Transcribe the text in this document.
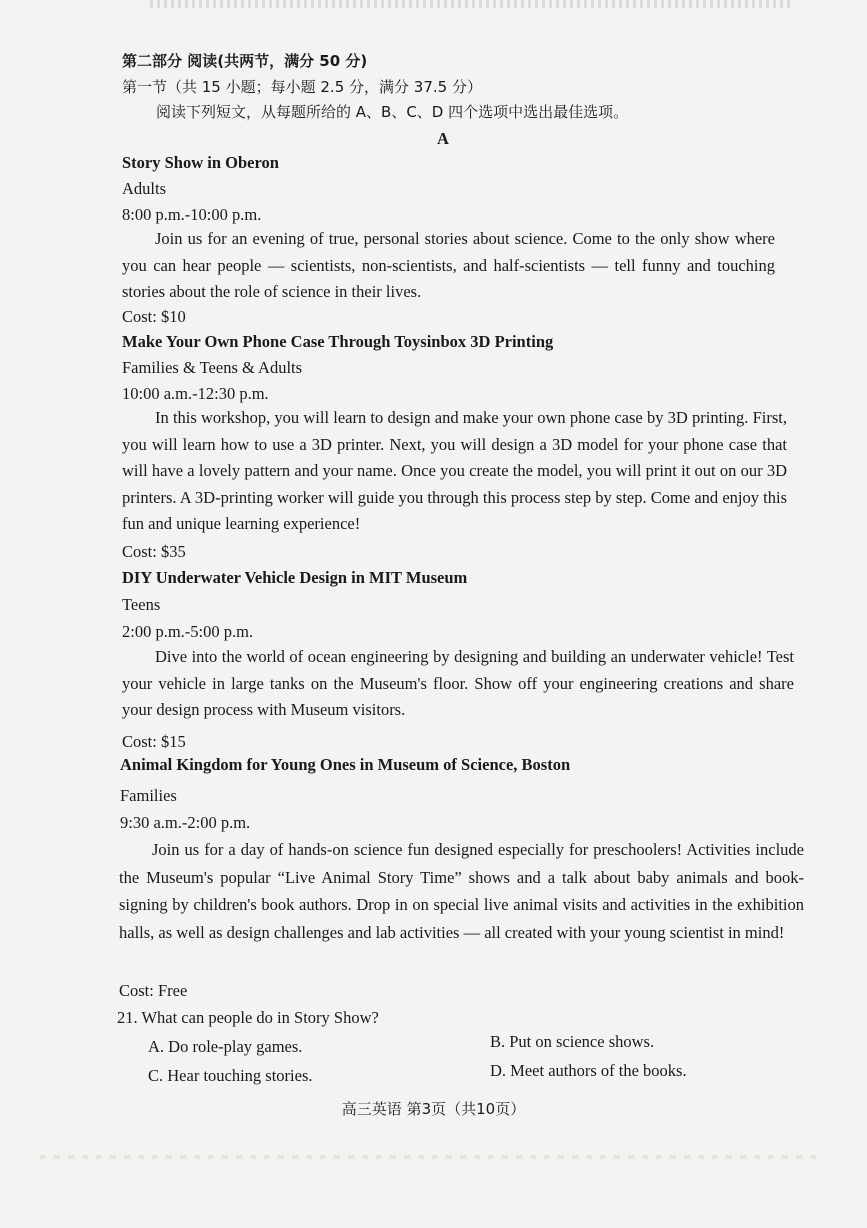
第二部分 阅读(共两节，满分 50 分)
第一节（共 15 小题；每小题 2.5 分，满分 37.5 分）
阅读下列短文，从每题所给的 A、B、C、D 四个选项中选出最佳选项。
A
Story Show in Oberon
Adults
8:00 p.m.-10:00 p.m.
Join us for an evening of true, personal stories about science. Come to the only show where you can hear people — scientists, non-scientists, and half-scientists — tell funny and touching stories about the role of science in their lives.
Cost: $10
Make Your Own Phone Case Through Toysinbox 3D Printing
Families & Teens & Adults
10:00 a.m.-12:30 p.m.
In this workshop, you will learn to design and make your own phone case by 3D printing. First, you will learn how to use a 3D printer. Next, you will design a 3D model for your phone case that will have a lovely pattern and your name. Once you create the model, you will print it out on our 3D printers. A 3D-printing worker will guide you through this process step by step. Come and enjoy this fun and unique learning experience!
Cost: $35
DIY Underwater Vehicle Design in MIT Museum
Teens
2:00 p.m.-5:00 p.m.
Dive into the world of ocean engineering by designing and building an underwater vehicle! Test your vehicle in large tanks on the Museum's floor. Show off your engineering creations and share your design process with Museum visitors.
Cost: $15
Animal Kingdom for Young Ones in Museum of Science, Boston
Families
9:30 a.m.-2:00 p.m.
Join us for a day of hands-on science fun designed especially for preschoolers! Activities include the Museum's popular “Live Animal Story Time” shows and a talk about baby animals and book-signing by children's book authors. Drop in on special live animal visits and activities in the exhibition halls, as well as design challenges and lab activities — all created with your young scientist in mind!
Cost: Free
21. What can people do in Story Show?
A. Do role-play games.	B. Put on science shows.
C. Hear touching stories.	D. Meet authors of the books.
高三英语 第3页（共10页）
